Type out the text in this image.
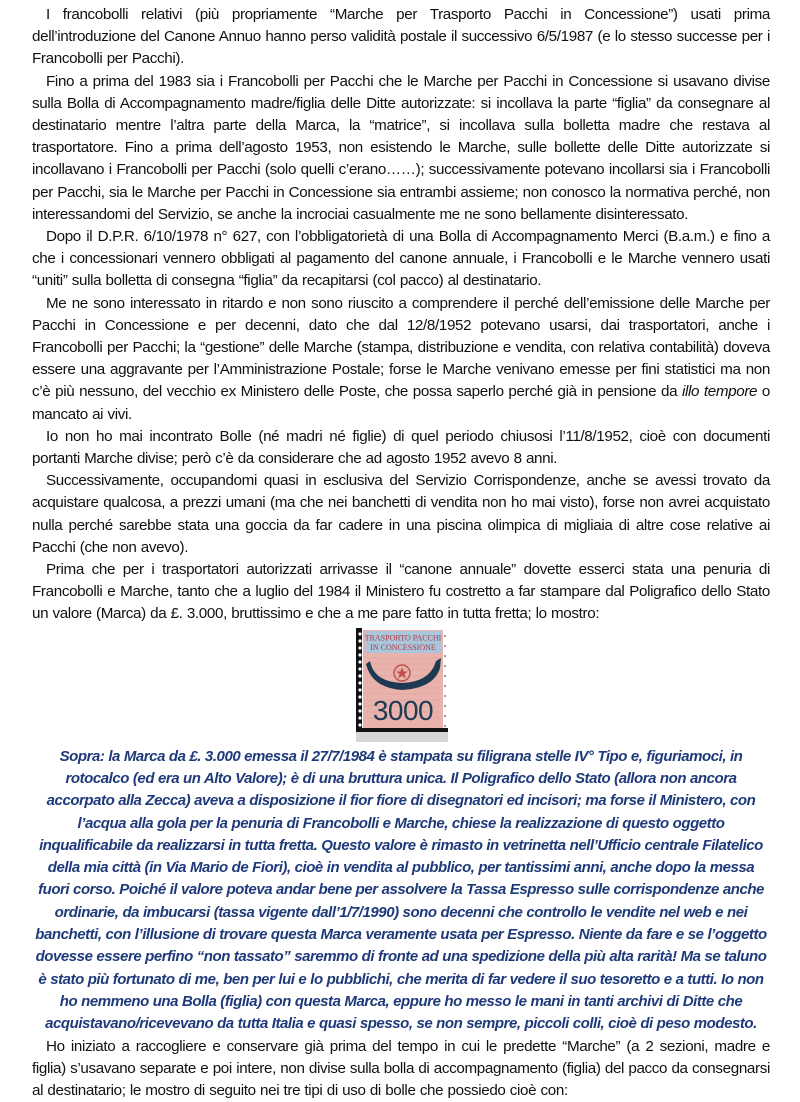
I francobolli relativi (più propriamente “Marche per Trasporto Pacchi in Concessione”) usati prima dell’introduzione del Canone Annuo hanno perso validità postale il successivo 6/5/1987 (e lo stesso successe per i Francobolli per Pacchi).

Fino a prima del 1983 sia i Francobolli per Pacchi che le Marche per Pacchi in Concessione si usavano divise sulla Bolla di Accompagnamento madre/figlia delle Ditte autorizzate: si incollava la parte “figlia” da consegnare al destinatario mentre l’altra parte della Marca, la “matrice”, si incollava sulla bolletta madre che restava al trasportatore. Fino a prima dell’agosto 1953, non esistendo le Marche, sulle bollette delle Ditte autorizzate si incollavano i Francobolli per Pacchi (solo quelli c’erano……); successivamente potevano incollarsi sia i Francobolli per Pacchi, sia le Marche per Pacchi in Concessione sia entrambi assieme; non conosco la normativa perché, non interessandomi del Servizio, se anche la incrociai casualmente me ne sono bellamente disinteressato.

Dopo il D.P.R. 6/10/1978 n° 627, con l’obbligatorietà di una Bolla di Accompagnamento Merci (B.a.m.) e fino a che i concessionari vennero obbligati al pagamento del canone annuale, i Francobolli e le Marche vennero usati “uniti” sulla bolletta di consegna “figlia” da recapitarsi (col pacco) al destinatario.

Me ne sono interessato in ritardo e non sono riuscito a comprendere il perché dell’emissione delle Marche per Pacchi in Concessione e per decenni, dato che dal 12/8/1952 potevano usarsi, dai trasportatori, anche i Francobolli per Pacchi; la “gestione” delle Marche (stampa, distribuzione e vendita, con relativa contabilità) doveva essere una aggravante per l’Amministrazione Postale; forse le Marche venivano emesse per fini statistici ma non c’è più nessuno, del vecchio ex Ministero delle Poste, che possa saperlo perché già in pensione da illo tempore o mancato ai vivi.

Io non ho mai incontrato Bolle (né madri né figlie) di quel periodo chiusosi l’11/8/1952, cioè con documenti portanti Marche divise; però c’è da considerare che ad agosto 1952 avevo 8 anni.

Successivamente, occupandomi quasi in esclusiva del Servizio Corrispondenze, anche se avessi trovato da acquistare qualcosa, a prezzi umani (ma che nei banchetti di vendita non ho mai visto), forse non avrei acquistato nulla perché sarebbe stata una goccia da far cadere in una piscina olimpica di migliaia di altre cose relative ai Pacchi (che non avevo).

Prima che per i trasportatori autorizzati arrivasse il “canone annuale” dovette esserci stata una penuria di Francobolli e Marche, tanto che a luglio del 1984 il Ministero fu costretto a far stampare dal Poligrafico dello Stato un valore (Marca) da £. 3.000, bruttissimo e che a me pare fatto in tutta fretta; lo mostro:

TRASPORTO PACCHI
IN CONCESSIONE
3000

Sopra: la Marca da £. 3.000 emessa il 27/7/1984 è stampata su filigrana stelle IV° Tipo e, figuriamoci, in rotocalco (ed era un Alto Valore); è di una bruttura unica. Il Poligrafico dello Stato (allora non ancora accorpato alla Zecca) aveva a disposizione il fior fiore di disegnatori ed incisori; ma forse il Ministero, con l’acqua alla gola per la penuria di Francobolli e Marche, chiese la realizzazione di questo oggetto inqualificabile da realizzarsi in tutta fretta. Questo valore è rimasto in vetrinetta nell’Ufficio centrale Filatelico della mia città (in Via Mario de Fiori), cioè in vendita al pubblico, per tantissimi anni, anche dopo la messa fuori corso. Poiché il valore poteva andar bene per assolvere la Tassa Espresso sulle corrispondenze anche ordinarie, da imbucarsi (tassa vigente dall’1/7/1990) sono decenni che controllo le vendite nel web e nei banchetti, con l’illusione di trovare questa Marca veramente usata per Espresso. Niente da fare e se l’oggetto dovesse essere perfino “non tassato” saremmo di fronte ad una spedizione della più alta rarità! Ma se taluno è stato più fortunato di me, ben per lui e lo pubblichi, che merita di far vedere il suo tesoretto e a tutti. Io non ho nemmeno una Bolla (figlia) con questa Marca, eppure ho messo le mani in tanti archivi di Ditte che acquistavano/ricevevano da tutta Italia e quasi spesso, se non sempre, piccoli colli, cioè di peso modesto.

Ho iniziato a raccogliere e conservare già prima del tempo in cui le predette “Marche” (a 2 sezioni, madre e figlia) s’usavano separate e poi intere, non divise sulla bolla di accompagnamento (figlia) del pacco da consegnarsi al destinatario; le mostro di seguito nei tre tipi di uso di bolle che possiedo cioè con:
